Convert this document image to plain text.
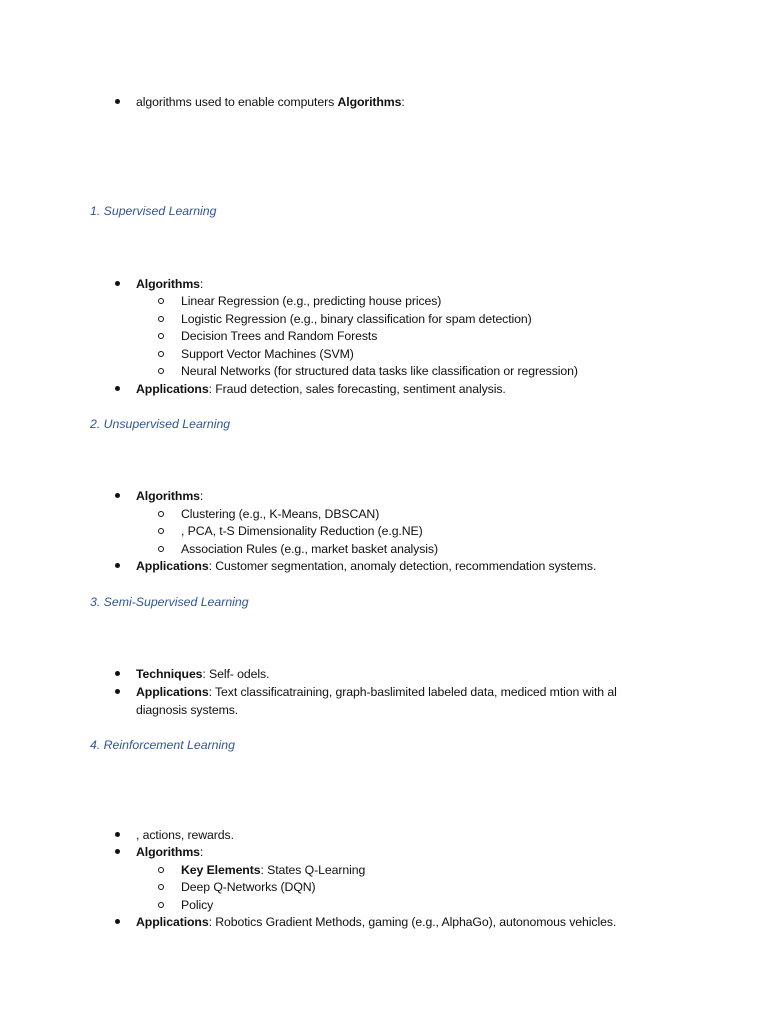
algorithms used to enable computers Algorithms:
1. Supervised Learning
Algorithms:
Linear Regression (e.g., predicting house prices)
Logistic Regression (e.g., binary classification for spam detection)
Decision Trees and Random Forests
Support Vector Machines (SVM)
Neural Networks (for structured data tasks like classification or regression)
Applications: Fraud detection, sales forecasting, sentiment analysis.
2. Unsupervised Learning
Algorithms:
Clustering (e.g., K-Means, DBSCAN)
, PCA, t-S Dimensionality Reduction (e.g.NE)
Association Rules (e.g., market basket analysis)
Applications: Customer segmentation, anomaly detection, recommendation systems.
3. Semi-Supervised Learning
Techniques: Self- odels.
Applications: Text classificatraining, graph-baslimited labeled data, mediced mtion with al
diagnosis systems.
4. Reinforcement Learning
, actions, rewards.
Algorithms:
Key Elements: States Q-Learning
Deep Q-Networks (DQN)
Policy
Applications: Robotics Gradient Methods, gaming (e.g., AlphaGo), autonomous vehicles.
